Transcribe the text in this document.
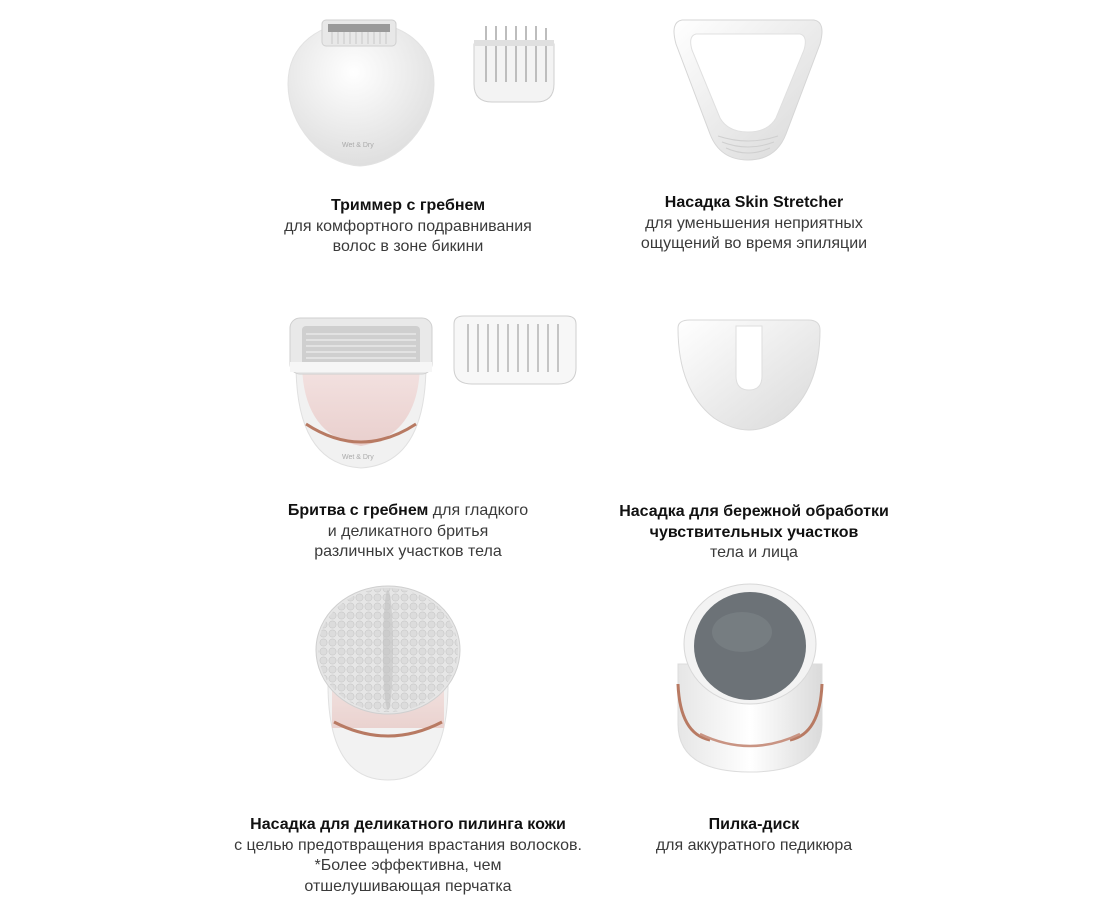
Wet & Dry
Триммер с гребнем
для комфортного подравнивания
волос в зоне бикини
Насадка Skin Stretcher
для уменьшения неприятных
ощущений во время эпиляции
Wet & Dry
Бритва с гребнем для гладкого
и деликатного бритья
различных участков тела
Насадка для бережной обработки
чувствительных участков
тела и лица
Насадка для деликатного пилинга кожи
с целью предотвращения врастания волосков.
*Более эффективна, чем
отшелушивающая перчатка
Пилка-диск
для аккуратного педикюра
